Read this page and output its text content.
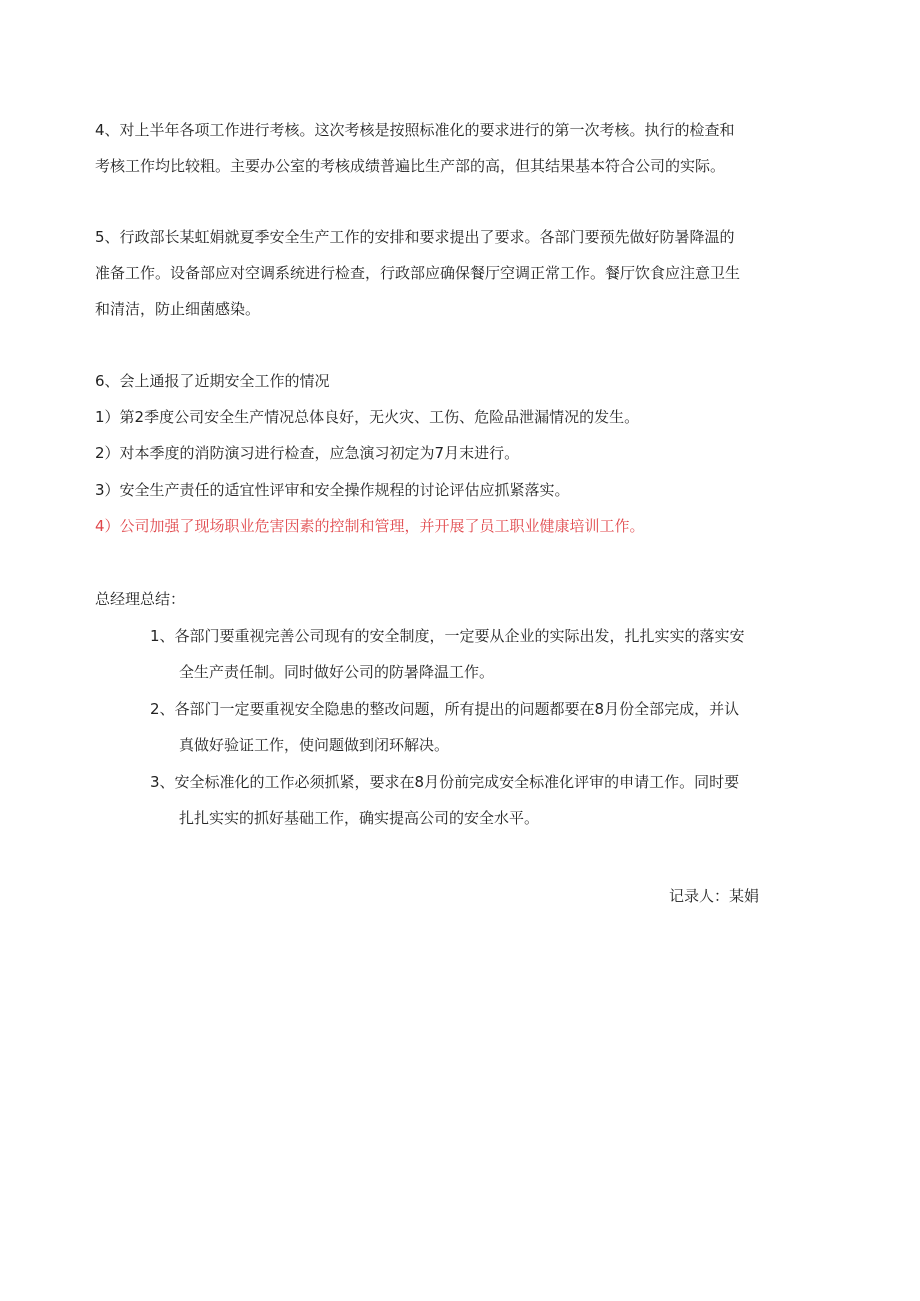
4、对上半年各项工作进行考核。这次考核是按照标准化的要求进行的第一次考核。执行的检查和
考核工作均比较粗。主要办公室的考核成绩普遍比生产部的高，但其结果基本符合公司的实际。
5、行政部长某虹娟就夏季安全生产工作的安排和要求提出了要求。各部门要预先做好防暑降温的
准备工作。设备部应对空调系统进行检查，行政部应确保餐厅空调正常工作。餐厅饮食应注意卫生
和清洁，防止细菌感染。
6、会上通报了近期安全工作的情况
1）第2季度公司安全生产情况总体良好，无火灾、工伤、危险品泄漏情况的发生。
2）对本季度的消防演习进行检查，应急演习初定为7月末进行。
3）安全生产责任的适宜性评审和安全操作规程的讨论评估应抓紧落实。
4）公司加强了现场职业危害因素的控制和管理，并开展了员工职业健康培训工作。
总经理总结：
1、各部门要重视完善公司现有的安全制度，一定要从企业的实际出发，扎扎实实的落实安
全生产责任制。同时做好公司的防暑降温工作。
2、各部门一定要重视安全隐患的整改问题，所有提出的问题都要在8月份全部完成，并认
真做好验证工作，使问题做到闭环解决。
3、安全标准化的工作必须抓紧，要求在8月份前完成安全标准化评审的申请工作。同时要
扎扎实实的抓好基础工作，确实提高公司的安全水平。
记录人：某娟
